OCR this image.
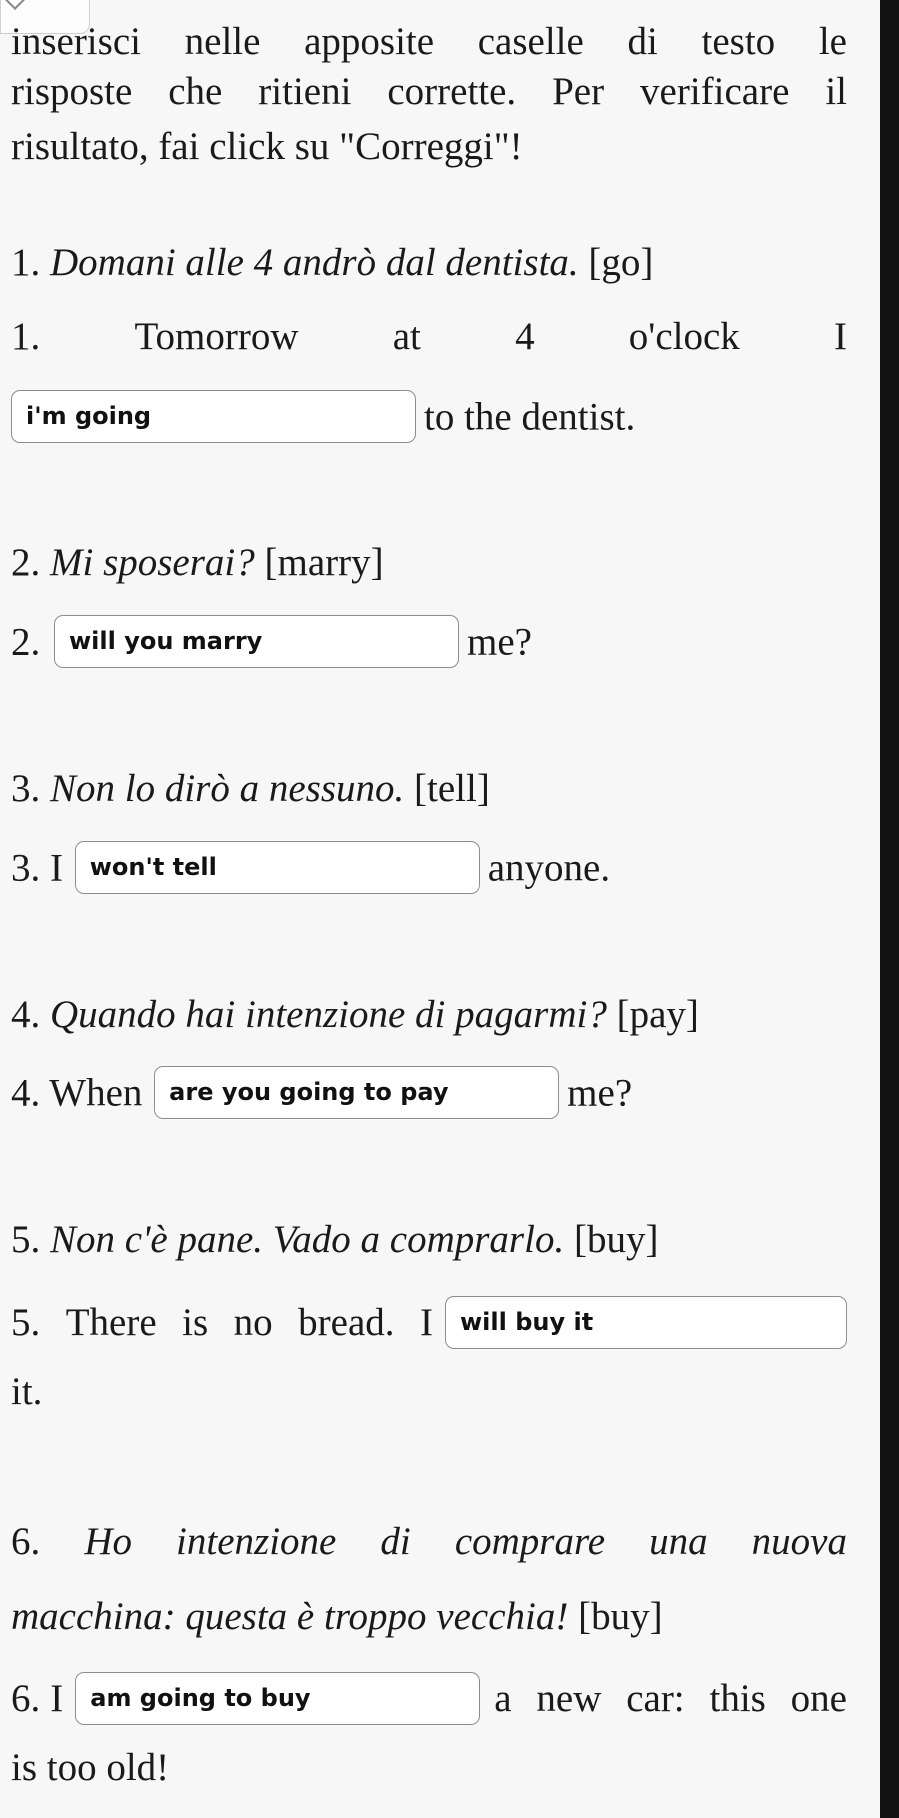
inserisci nelle apposite caselle di testo le
risposte che ritieni corrette. Per verificare il
risultato, fai click su "Correggi"!
1. Domani alle 4 andrò dal dentista. [go]
1. Tomorrow at 4 o'clock I
i'm going	to the dentist.
2. Mi sposerai? [marry]
2. will you marry	me?
3. Non lo dirò a nessuno. [tell]
3. I won't tell	anyone.
4. Quando hai intenzione di pagarmi? [pay]
4. When are you going to pay	me?
5. Non c'è pane. Vado a comprarlo. [buy]
5. There is no bread. I	will buy it
it.
6. Ho intenzione di comprare una nuova
macchina: questa è troppo vecchia! [buy]
6. I	am going to buy	a new car: this one
is too old!
